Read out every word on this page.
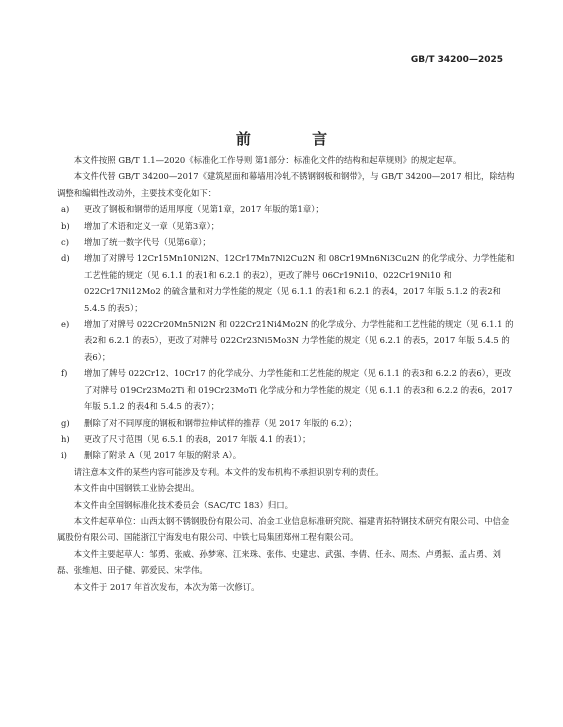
GB/T 34200—2025
前 言

本文件按照 GB/T 1.1—2020《标准化工作导则 第1部分：标准化文件的结构和起草规则》的规定起草。

本文件代替 GB/T 34200—2017《建筑屋面和幕墙用冷轧不锈钢钢板和钢带》，与 GB/T 34200—2017 相比，除结构调整和编辑性改动外，主要技术变化如下：

a)	更改了钢板和钢带的适用厚度（见第1章，2017 年版的第1章）；
b)	增加了术语和定义一章（见第3章）；
c)	增加了统一数字代号（见第6章）；
d)	增加了对牌号 12Cr15Mn10Ni2N、12Cr17Mn7Ni2Cu2N 和 08Cr19Mn6Ni3Cu2N 的化学成分、力学性能和工艺性能的规定（见 6.1.1 的表1和 6.2.1 的表2），更改了牌号 06Cr19Ni10、022Cr19Ni10 和 022Cr17Ni12Mo2 的硫含量和对力学性能的规定（见 6.1.1 的表1和 6.2.1 的表4，2017 年版 5.1.2 的表2和 5.4.5 的表5）；
e)	增加了对牌号 022Cr20Mn5Ni2N 和 022Cr21Ni4Mo2N 的化学成分、力学性能和工艺性能的规定（见 6.1.1 的表2和 6.2.1 的表5），更改了对牌号 022Cr23Ni5Mo3N 力学性能的规定（见 6.2.1 的表5，2017 年版 5.4.5 的表6）；
f)	增加了牌号 022Cr12、10Cr17 的化学成分、力学性能和工艺性能的规定（见 6.1.1 的表3和 6.2.2 的表6），更改了对牌号 019Cr23Mo2Ti 和 019Cr23MoTi 化学成分和力学性能的规定（见 6.1.1 的表3和 6.2.2 的表6，2017 年版 5.1.2 的表4和 5.4.5 的表7）；
g)	删除了对不同厚度的钢板和钢带拉伸试样的推荐（见 2017 年版的 6.2）；
h)	更改了尺寸范围（见 6.5.1 的表8，2017 年版 4.1 的表1）；
i)	删除了附录 A（见 2017 年版的附录 A）。

请注意本文件的某些内容可能涉及专利。本文件的发布机构不承担识别专利的责任。

本文件由中国钢铁工业协会提出。

本文件由全国钢标准化技术委员会（SAC/TC 183）归口。

本文件起草单位：山西太钢不锈钢股份有限公司、冶金工业信息标准研究院、福建青拓特钢技术研究有限公司、中信金属股份有限公司、国能浙江宁海发电有限公司、中铁七局集团郑州工程有限公司。

本文件主要起草人：邹勇、张威、孙梦寒、江来珠、张伟、史建忠、武强、李倩、任永、周杰、卢勇振、孟占勇、刘磊、张维旭、田子健、郭爱民、宋学伟。

本文件于 2017 年首次发布，本次为第一次修订。
